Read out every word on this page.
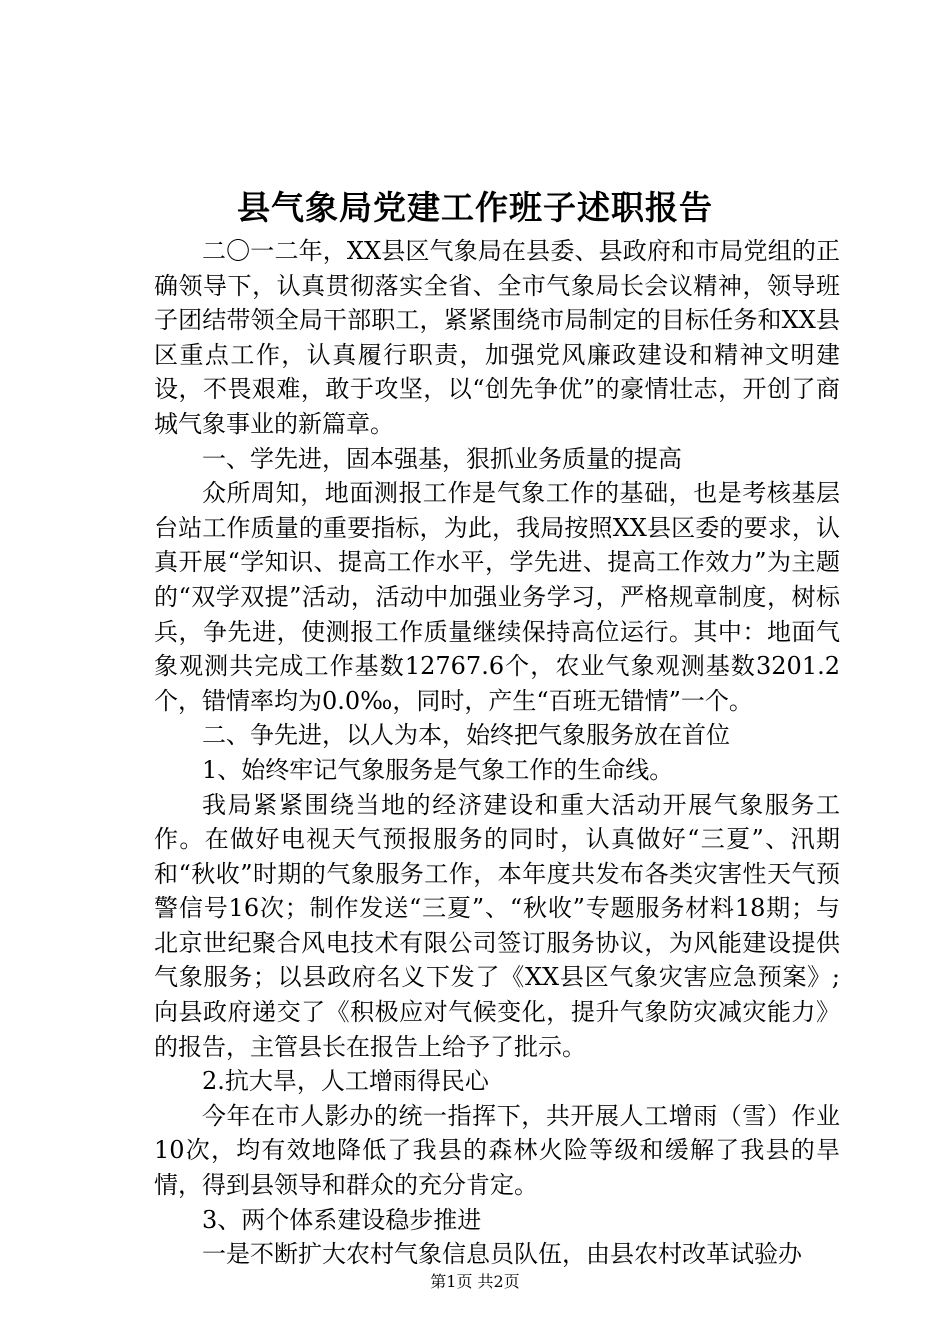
县气象局党建工作班子述职报告

二〇一二年，XX县区气象局在县委、县政府和市局党组的正确领导下，认真贯彻落实全省、全市气象局长会议精神，领导班子团结带领全局干部职工，紧紧围绕市局制定的目标任务和XX县区重点工作，认真履行职责，加强党风廉政建设和精神文明建设，不畏艰难，敢于攻坚，以“创先争优”的豪情壮志，开创了商城气象事业的新篇章。

一、学先进，固本强基，狠抓业务质量的提高

众所周知，地面测报工作是气象工作的基础，也是考核基层台站工作质量的重要指标，为此，我局按照XX县区委的要求，认真开展“学知识、提高工作水平，学先进、提高工作效力”为主题的“双学双提”活动，活动中加强业务学习，严格规章制度，树标兵，争先进，使测报工作质量继续保持高位运行。其中：地面气象观测共完成工作基数12767.6个，农业气象观测基数3201.2个，错情率均为0.0‰，同时，产生“百班无错情”一个。

二、争先进，以人为本，始终把气象服务放在首位

1、始终牢记气象服务是气象工作的生命线。

我局紧紧围绕当地的经济建设和重大活动开展气象服务工作。在做好电视天气预报服务的同时，认真做好“三夏”、汛期和“秋收”时期的气象服务工作，本年度共发布各类灾害性天气预警信号16次；制作发送“三夏”、“秋收”专题服务材料18期；与北京世纪聚合风电技术有限公司签订服务协议，为风能建设提供气象服务；以县政府名义下发了《XX县区气象灾害应急预案》;向县政府递交了《积极应对气候变化，提升气象防灾减灾能力》的报告，主管县长在报告上给予了批示。

2.抗大旱，人工增雨得民心

今年在市人影办的统一指挥下，共开展人工增雨（雪）作业10次，均有效地降低了我县的森林火险等级和缓解了我县的旱情，得到县领导和群众的充分肯定。

3、两个体系建设稳步推进

一是不断扩大农村气象信息员队伍，由县农村改革试验办

第1页 共2页
